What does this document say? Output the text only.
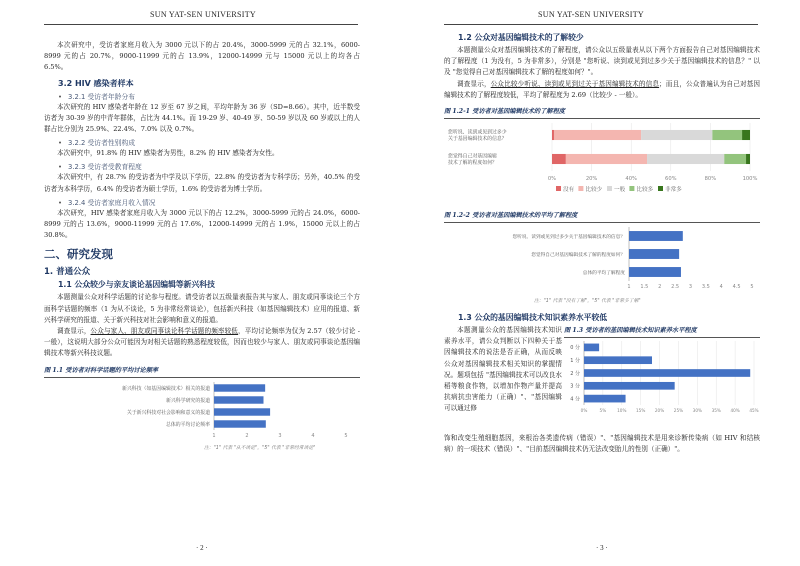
SUN YAT-SEN UNIVERSITY

本次研究中，受访者家庭月收入为 3000 元以下的占 20.4%，3000-5999 元的占 32.1%，6000-8999 元的占 20.7%，9000-11999 元的占 13.9%，12000-14999 元与 15000 元以上的均各占 6.5%。

3.2 HIV 感染者样本
• 3.2.1 受访者年龄分布

本次研究的 HIV 感染者年龄在 12 岁至 67 岁之间，平均年龄为 36 岁（SD=8.66）。其中，近半数受访者为 30-39 岁的中青年群体，占比为 44.1%。而 19-29 岁、40-49 岁、50-59 岁以及 60 岁或以上的人群占比分别为 25.9%、22.4%、7.0% 以及 0.7%。

• 3.2.2 受访者性别构成

本次研究中，91.8% 的 HIV 感染者为男性，8.2% 的 HIV 感染者为女性。

• 3.2.3 受访者受教育程度

本次研究中，有 28.7% 的受访者为中学及以下学历，22.8% 的受访者为专科学历；另外，40.5% 的受访者为本科学历，6.4% 的受访者为硕士学历，1.6% 的受访者为博士学历。

• 3.2.4 受访者家庭月收入情况

本次研究，HIV 感染者家庭月收入为 3000 元以下的占 12.2%，3000-5999 元的占 24.0%，6000-8999 元的占 13.6%，9000-11999 元的占 17.6%，12000-14999 元的占 1.9%，15000 元以上的占 30.8%。

二、研究发现
1. 普通公众
1.1 公众较少与亲友谈论基因编辑等新兴科技

本题测量公众对科学话题的讨论参与程度。请受访者以五级量表报告其与家人、朋友或同事谈论三个方面科学话题的频率（1 为从不谈论，5 为非常经常谈论），包括新兴科技（如基因编辑技术）应用的报道、新兴科学研究的报道、关于新兴科技对社会影响和意义的报道。

调查显示，公众与家人、朋友或同事谈论科学话题的频率较低，平均讨论频率为仅为 2.57（较少讨论 - 一般），这说明大部分公众可能因为对相关话题的熟悉程度较低，因而也较少与家人、朋友或同事谈论基因编辑技术等新兴科技议题。

图 1.1 受访者对科学话题的平均讨论频率
1	2	3	4	5
新兴科技（如基因编辑技术）相关的报道
新兴科学研究的报道
关于新兴科技对社会影响和意义的报道
总体的平均讨论频率
注："1" 代表 "从不谈论"，"5" 代表 "非常经常谈论"
· 2 ·
SUN YAT-SEN UNIVERSITY
1.2 公众对基因编辑技术的了解较少

本题测量公众对基因编辑技术的了解程度，请公众以五级量表从以下两个方面报告自己对基因编辑技术的了解程度（1 为没有，5 为非常多），分别是 "您听说、读到或见到过多少关于基因编辑技术的信息？" 以及 "您觉得自己对基因编辑技术了解的程度如何？"。

调查显示，公众比较少听说、读到或见到过关于基因编辑技术的信息；而且，公众普遍认为自己对基因编辑技术的了解程度较低，平均了解程度为 2.69（比较少 - 一般）。

图 1.2-1 受访者对基因编辑技术的了解程度
0%	20%	40%	60%	80%	100%
您听说、读到或见到过多少
关于基因编辑技术的信息？
您觉得自己对基因编辑
技术了解的程度如何？
没有 比较少 一般 比较多 非常多
图 1.2-2 受访者对基因编辑技术的平均了解程度
1 1.5 2 2.5 3 3.5 4 4.5 5
您听说、读到或见到过多少关于基因编辑技术的信息？
您觉得自己对基因编辑技术了解的程度如何？
总体的平均了解程度
注："1" 代表 "没有了解"，"5" 代表 "非常多了解"
1.3 公众的基因编辑技术知识素养水平较低

本题测量公众的基因编辑技术知识素养水平，请公众判断以下四种关于基因编辑技术的说法是否正确，从而反映公众对基因编辑技术相关知识的掌握情况。题项包括 "基因编辑技术可以改良水稻等粮食作物，以增加作物产量并提高抗病抗虫害能力（正确）"、"基因编辑可以通过修

图 1.3 受访者的基因编辑技术知识素养水平程度
0%	5%	10% 15% 20% 25% 30% 35% 40% 45%
0 分
1 分
2 分
3 分
4 分

饰和改变生殖细胞基因，来根治各类遗传病（错误）"、"基因编辑技术是用来诊断传染病（如 HIV 和结核病）的一项技术（错误）"、"目前基因编辑技术仍无法改变胎儿的性别（正确）"。

· 3 ·
